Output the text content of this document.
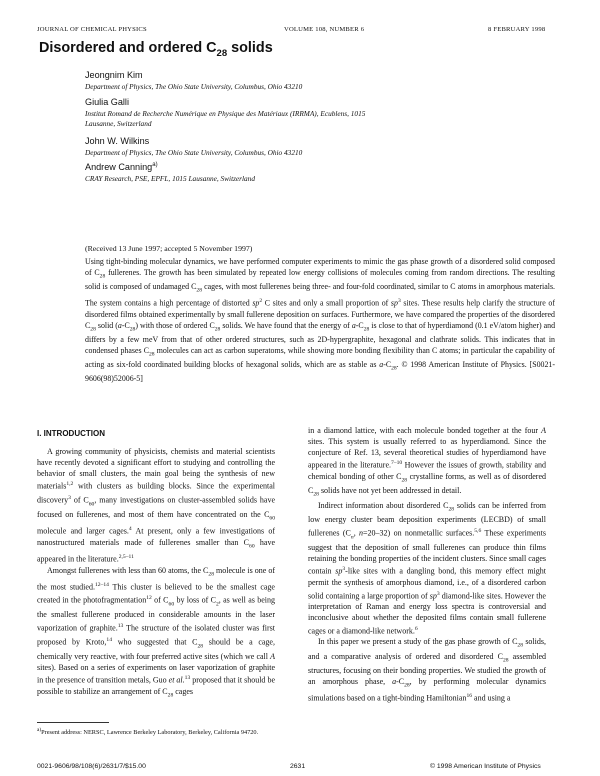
JOURNAL OF CHEMICAL PHYSICS	VOLUME 108, NUMBER 6	8 FEBRUARY 1998
Disordered and ordered $C_{28}$ solids
Jeongnim Kim
Department of Physics, The Ohio State University, Columbus, Ohio 43210
Giulia Galli
Institut Romand de Recherche Numérique en Physique des Matériaux (IRRMA), Ecublens, 1015 Lausanne, Switzerland
John W. Wilkins
Department of Physics, The Ohio State University, Columbus, Ohio 43210
Andrew Canning$^{a)}$
CRAY Research, PSE, EPFL, 1015 Lausanne, Switzerland
(Received 13 June 1997; accepted 5 November 1997)
Using tight-binding molecular dynamics, we have performed computer experiments to mimic the gas phase growth of a disordered solid composed of $C_{28}$ fullerenes. The growth has been simulated by repeated low energy collisions of molecules coming from random directions. The resulting solid is composed of undamaged $C_{28}$ cages, with most fullerenes being three- and four-fold coordinated, similar to C atoms in amorphous materials. The system contains a high percentage of distorted $sp^2$ C sites and only a small proportion of $sp^3$ sites. These results help clarify the structure of disordered films obtained experimentally by small fullerene deposition on surfaces. Furthermore, we have compared the properties of the disordered $C_{28}$ solid $(a-C_{28})$ with those of ordered $C_{28}$ solids. We have found that the energy of $a-C_{28}$ is close to that of hyperdiamond (0.1 eV/atom higher) and differs by a few meV from that of other ordered structures, such as 2D-hypergraphite, hexagonal and clathrate solids. This indicates that in condensed phases $C_{28}$ molecules can act as carbon superatoms, while showing more bonding flexibility than C atoms; in particular the capability of acting as six-fold coordinated building blocks of hexagonal solids, which are as stable as $a-C_{28}$. © 1998 American Institute of Physics. [S0021-9606(98)52006-5]
I. INTRODUCTION

A growing community of physicists, chemists and material scientists have recently devoted a significant effort to studying and controlling the behavior of small clusters, the main goal being the synthesis of new materials$^{1,2}$ with clusters as building blocks. Since the experimental discovery$^3$ of $C_{60}$, many investigations on cluster-assembled solids have focused on fullerenes, and most of them have concentrated on the $C_{60}$ molecule and larger cages.$^4$ At present, only a few investigations of nanostructured materials made of fullerenes smaller than $C_{60}$ have appeared in the literature.$^{2,5-11}$

Amongst fullerenes with less than 60 atoms, the $C_{28}$ molecule is one of the most studied.$^{12-14}$ This cluster is believed to be the smallest cage created in the photofragmentation$^{12}$ of $C_{60}$ by loss of $C_2$, as well as being the smallest fullerene produced in considerable amounts in the laser vaporization of graphite.$^{13}$ The structure of the isolated cluster was first proposed by Kroto,$^{14}$ who suggested that $C_{28}$ should be a cage, chemically very reactive, with four preferred active sites (which we call A sites). Based on a series of experiments on laser vaporization of graphite in the presence of transition metals, Guo et al.$^{13}$ proposed that it should be possible to stabilize an arrangement of $C_{28}$ cages

in a diamond lattice, with each molecule bonded together at the four A sites. This system is usually referred to as hyperdiamond. Since the conjecture of Ref. 13, several theoretical studies of hyperdiamond have appeared in the literature.$^{7-10}$ However the issues of growth, stability and chemical bonding of other $C_{28}$ crystalline forms, as well as of disordered $C_{28}$ solids have not yet been addressed in detail.

Indirect information about disordered $C_{28}$ solids can be inferred from low energy cluster beam deposition experiments (LECBD) of small fullerenes ($C_n$, n=20–32) on nonmetallic surfaces.$^{5,6}$ These experiments suggest that the deposition of small fullerenes can produce thin films retaining the bonding properties of the incident clusters. Since small cages contain $sp^3$-like sites with a dangling bond, this memory effect might permit the synthesis of amorphous diamond, i.e., of a disordered carbon solid containing a large proportion of $sp^3$ diamond-like sites. However the interpretation of Raman and energy loss spectra is controversial and inconclusive about whether the deposited films contain small fullerene cages or a diamond-like network.$^6$

In this paper we present a study of the gas phase growth of $C_{28}$ solids, and a comparative analysis of ordered and disordered $C_{28}$ assembled structures, focusing on their bonding properties. We studied the growth of an amorphous phase, $a-C_{28}$, by performing molecular dynamics simulations based on a tight-binding Hamiltonian$^{16}$ and using a

$^{a)}$Present address: NERSC, Lawrence Berkeley Laboratory, Berkeley, California 94720.
0021-9606/98/108(6)/2631/7/$15.00	2631	© 1998 American Institute of Physics
